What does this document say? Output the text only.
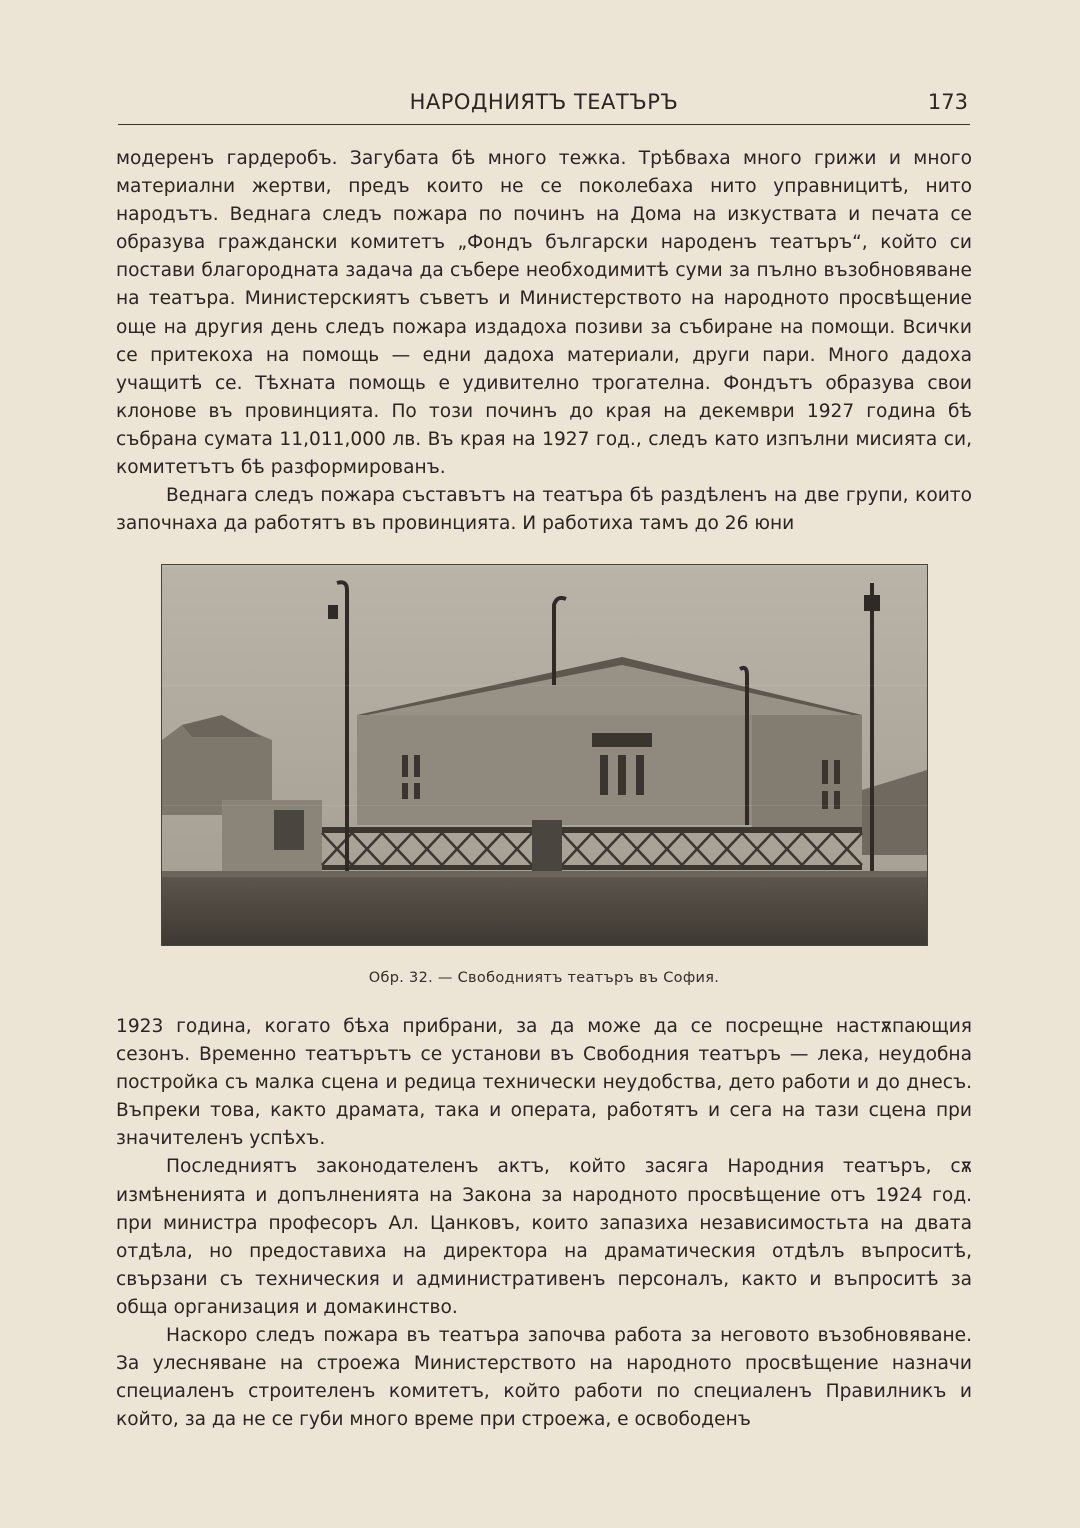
НАРОДНИЯТЪ ТЕАТЪРЪ	173

модеренъ гардеробъ. Загубата бѣ много тежка. Трѣбваха много грижи и много материални жертви, предъ които не се поколебаха нито управницитѣ, нито народътъ. Веднага следъ пожара по починъ на Дома на изкуствата и печата се образува граждански комитетъ „Фондъ български народенъ театъръ“, който си постави благородната задача да събере необходимитѣ суми за пълно възобновяване на театъра. Министерскиятъ съветъ и Министерството на народното просвѣщение още на другия день следъ пожара издадоха позиви за събиране на помощи. Всички се притекоха на помощь — едни дадоха материали, други пари. Много дадоха учащитѣ се. Тѣхната помощь е удивително трогателна. Фондътъ образува свои клонове въ провинцията. По този починъ до края на декември 1927 година бѣ събрана сумата 11,011,000 лв. Въ края на 1927 год., следъ като изпълни мисията си, комитетътъ бѣ разформированъ.

Веднага следъ пожара съставътъ на театъра бѣ раздѣленъ на две групи, които започнаха да работятъ въ провинцията. И работиха тамъ до 26 юни

Обр. 32. — Свободниятъ театъръ въ София.

1923 година, когато бѣха прибрани, за да може да се посрещне настѫпающия сезонъ. Временно театърътъ се установи въ Свободния театъръ — лека, неудобна постройка съ малка сцена и редица технически неудобства, дето работи и до днесъ. Въпреки това, както драмата, така и операта, работятъ и сега на тази сцена при значителенъ успѣхъ.

Последниятъ законодателенъ актъ, който засяга Народния театъръ, сѫ измѣненията и допълненията на Закона за народното просвѣщение отъ 1924 год. при министра професоръ Ал. Цанковъ, които запазиха независимостьта на двата отдѣла, но предоставиха на директора на драматическия отдѣлъ въпроситѣ, свързани съ техническия и административенъ персоналъ, както и въпроситѣ за обща организация и домакинство.

Наскоро следъ пожара въ театъра започва работа за неговото възобновяване. За улесняване на строежа Министерството на народното просвѣщение назначи специаленъ строителенъ комитетъ, който работи по специаленъ Правилникъ и който, за да не се губи много време при строежа, е освободенъ
